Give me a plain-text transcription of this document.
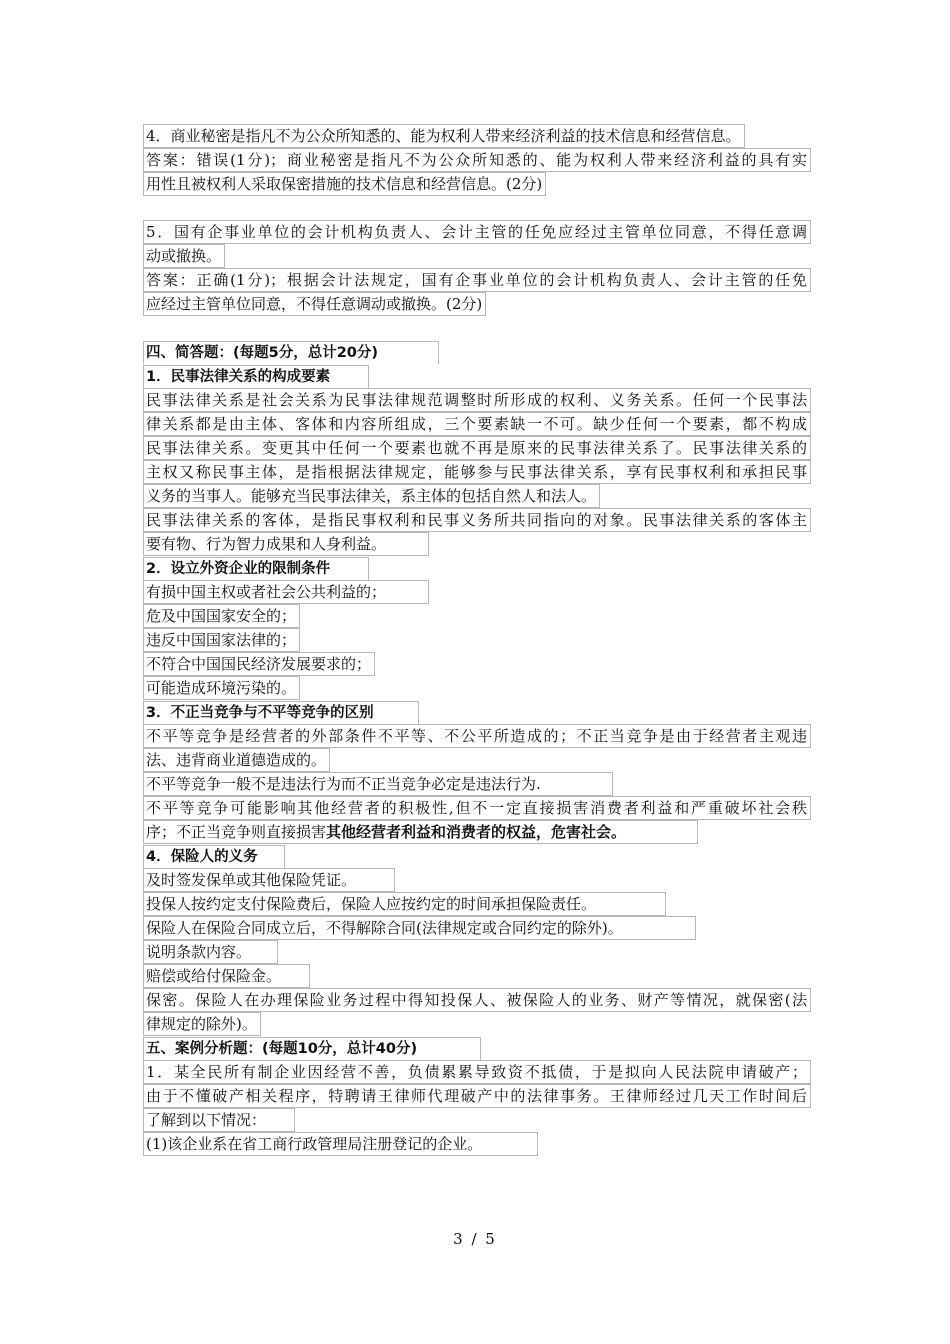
4．商业秘密是指凡不为公众所知悉的、能为权利人带来经济利益的技术信息和经营信息。
答案：错误(1分)；商业秘密是指凡不为公众所知悉的、能为权利人带来经济利益的具有实
用性且被权利人采取保密措施的技术信息和经营信息。(2分)
5．国有企事业单位的会计机构负责人、会计主管的任免应经过主管单位同意，不得任意调
动或撤换。
答案：正确(1分)；根据会计法规定，国有企事业单位的会计机构负责人、会计主管的任免
应经过主管单位同意，不得任意调动或撤换。(2分)
四、简答题：(每题5分，总计20分)
1．民事法律关系的构成要素
民事法律关系是社会关系为民事法律规范调整时所形成的权利、义务关系。任何一个民事法
律关系都是由主体、客体和内容所组成，三个要素缺一不可。缺少任何一个要素，都不构成
民事法律关系。变更其中任何一个要素也就不再是原来的民事法律关系了。民事法律关系的
主权又称民事主体，是指根据法律规定，能够参与民事法律关系，享有民事权利和承担民事
义务的当事人。能够充当民事法律关，系主体的包括自然人和法人。
民事法律关系的客体，是指民事权利和民事义务所共同指向的对象。民事法律关系的客体主
要有物、行为智力成果和人身利益。
2．设立外资企业的限制条件
有损中国主权或者社会公共利益的；
危及中国国家安全的；
违反中国国家法律的；
不符合中国国民经济发展要求的；
可能造成环境污染的。
3．不正当竞争与不平等竞争的区别
不平等竞争是经营者的外部条件不平等、不公平所造成的；不正当竞争是由于经营者主观违
法、违背商业道德造成的。
不平等竞争一般不是违法行为而不正当竞争必定是违法行为.
不平等竞争可能影响其他经营者的积极性,但不一定直接损害消费者利益和严重破坏社会秩
序；不正当竞争则直接损害其他经营者利益和消费者的权益，危害社会。
4．保险人的义务
及时签发保单或其他保险凭证。
投保人按约定支付保险费后，保险人应按约定的时间承担保险责任。
保险人在保险合同成立后，不得解除合同(法律规定或合同约定的除外)。
说明条款内容。
赔偿或给付保险金。
保密。保险人在办理保险业务过程中得知投保人、被保险人的业务、财产等情况，就保密(法
律规定的除外)。
五、案例分析题：(每题10分，总计40分)
1．某全民所有制企业因经营不善，负债累累导致资不抵债，于是拟向人民法院申请破产；
由于不懂破产相关程序，特聘请王律师代理破产中的法律事务。王律师经过几天工作时间后
了解到以下情况：
(1)该企业系在省工商行政管理局注册登记的企业。
3 / 5
